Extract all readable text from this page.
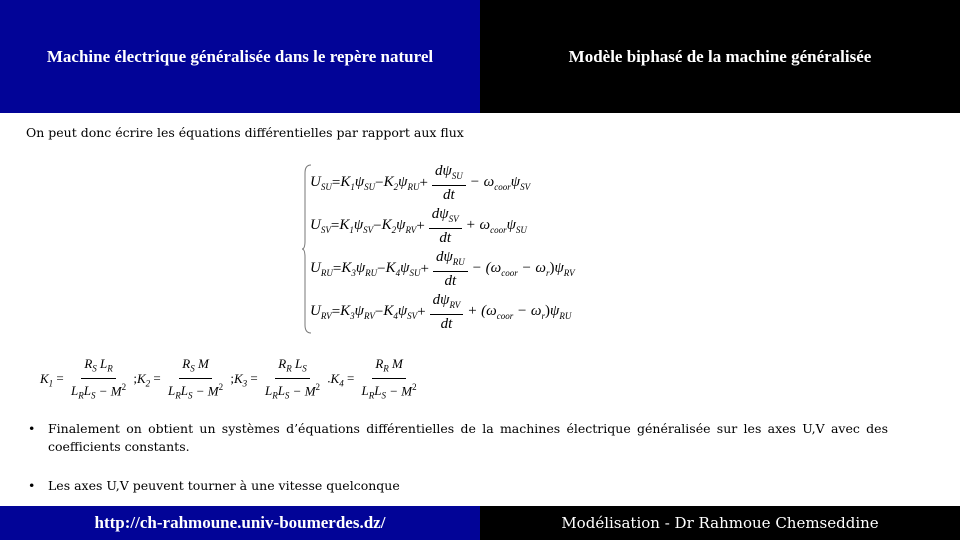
Machine électrique généralisée dans le repère naturel	Modèle biphasé de la machine généralisée
On peut donc écrire les équations différentielles par rapport aux flux
$U_{SU} = K_1$ $\psi_{SU} - K_2$ $\psi_{RU} + \frac{d\psi_{SU}}{dt} - \omega_{coor}\psi_{SV}$
$U_{SV} = K_1$ $\psi_{SV} - K_2$ $\psi_{RV} + \frac{d\psi_{SV}}{dt} + \omega_{coor}\psi_{SU}$
$U_{RU} = K_3$ $\psi_{RU} - K_4$ $\psi_{SU} + \frac{d\psi_{RU}}{dt} - (\omega_{coor} - \omega_r)\psi_{RV}$
$U_{RV} = K_3$ $\psi_{RV} - K_4$ $\psi_{SV} + \frac{d\psi_{RV}}{dt} + (\omega_{coor} - \omega_r)\psi_{RU}$
$K_1 = \frac{R_S L_R}{L_RL_S - M^2}$ ; $K_2 = \frac{R_S M}{L_RL_S - M^2}$ ; $K_3 = \frac{R_R L_S}{L_RL_S - M^2}$ . $K_4 = \frac{R_R M}{L_RL_S - M^2}$
• Finalement on obtient un systèmes d’équations différentielles de la machines électrique généralisée sur les axes U,V avec des coefficients constants.
• Les axes U,V peuvent tourner à une vitesse quelconque
http://ch-rahmoune.univ-boumerdes.dz/	Modélisation - Dr Rahmoue Chemseddine
